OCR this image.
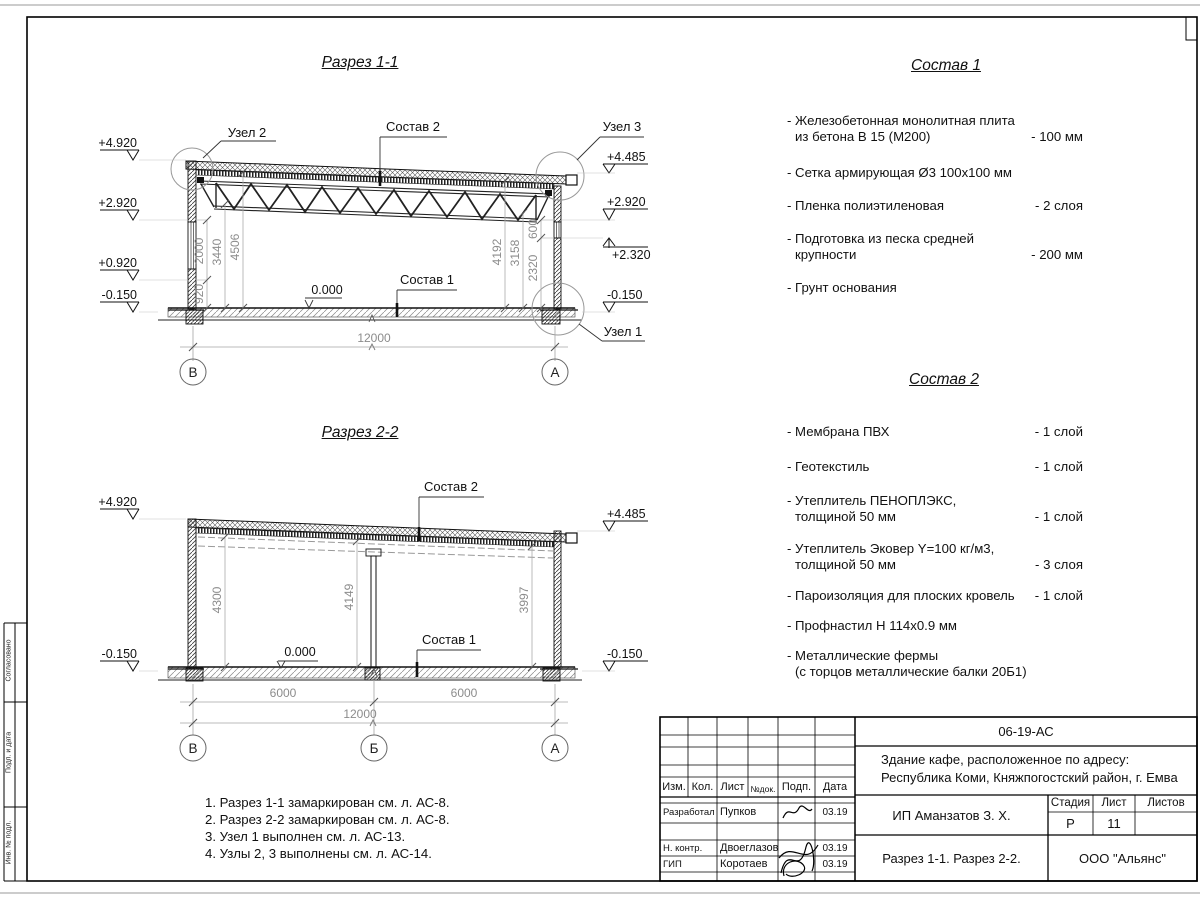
Узел 2	Состав 2	Узел 3
Узел 1
Состав 1
0.000
+4.920
+2.920
+0.920
-0.150
+4.485
+2.920
+2.320
-0.150
920
2000 3440 4506	4192 3158
2320
600
12000
В	А
Состав 2
Состав 1
0.000
+4.920
-0.150
+4.485
-0.150
4300	4149	3997
6000	6000
12000
В	Б	А
Разрез 1-1
Разрез 2-2
Состав 1
Состав 2
- Железобетонная монолитная плита
из бетона В 15 (М200)	- 100 мм
- Сетка армирующая Ø3 100х100 мм
- Пленка полиэтиленовая	- 2 слоя
- Подготовка из песка средней
крупности	- 200 мм
- Грунт основания
- Мембрана ПВХ	- 1 слой
- Геотекстиль	- 1 слой
- Утеплитель ПЕНОПЛЭКС,
толщиной 50 мм	- 1 слой
- Утеплитель Эковер Y=100 кг/м3,
толщиной 50 мм	- 3 слоя
- Пароизоляция для плоских кровель	- 1 слой
- Профнастил Н 114х0.9 мм
- Металлические фермы
(с торцов металлические балки 20Б1)
1. Разрез 1-1 замаркирован см. л. АС-8.
2. Разрез 2-2 замаркирован см. л. АС-8.
3. Узел 1 выполнен см. л. АС-13.
4. Узлы 2, 3 выполнены см. л. АС-14.
06-19-АС
Здание кафе, расположенное по адресу:
Республика Коми, Княжпогостский район, г. Емва
ИП Аманзатов З. Х.
Разрез 1-1. Разрез 2-2.	ООО "Альянс"
Стадия Лист	Листов
Р	11
Изм. Кол. Лист №док. Подп.	Дата
Разработал Пупков	03.19
Н. контр. Двоеглазов	03.19
ГИП	Коротаев	03.19
Согласовано
Подп. и дата
Инв. № подл.
